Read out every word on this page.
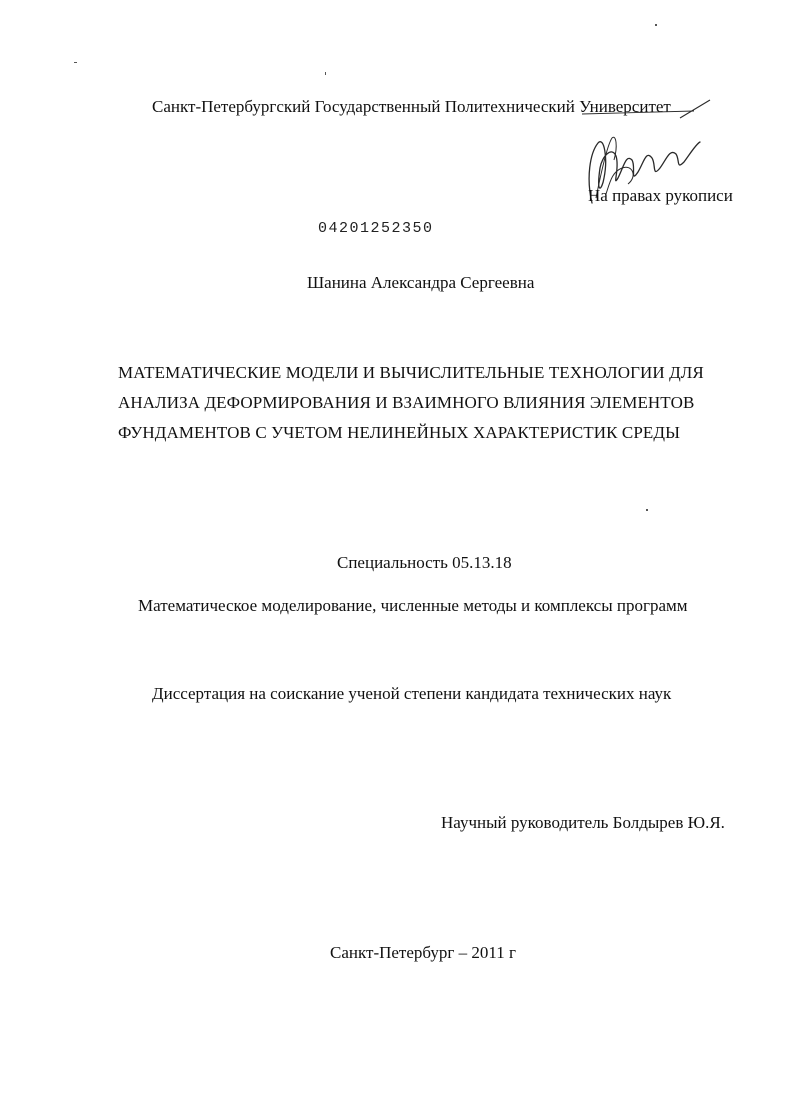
Санкт-Петербургский Государственный Политехнический Университет
На правах рукописи
04201252350
Шанина Александра Сергеевна
МАТЕМАТИЧЕСКИЕ МОДЕЛИ И ВЫЧИСЛИТЕЛЬНЫЕ ТЕХНОЛОГИИ ДЛЯ
АНАЛИЗА ДЕФОРМИРОВАНИЯ И ВЗАИМНОГО ВЛИЯНИЯ ЭЛЕМЕНТОВ
ФУНДАМЕНТОВ С УЧЕТОМ НЕЛИНЕЙНЫХ ХАРАКТЕРИСТИК СРЕДЫ
Специальность 05.13.18
Математическое моделирование, численные методы и комплексы программ
Диссертация на соискание ученой степени кандидата технических наук
Научный руководитель Болдырев Ю.Я.
Санкт-Петербург – 2011 г
